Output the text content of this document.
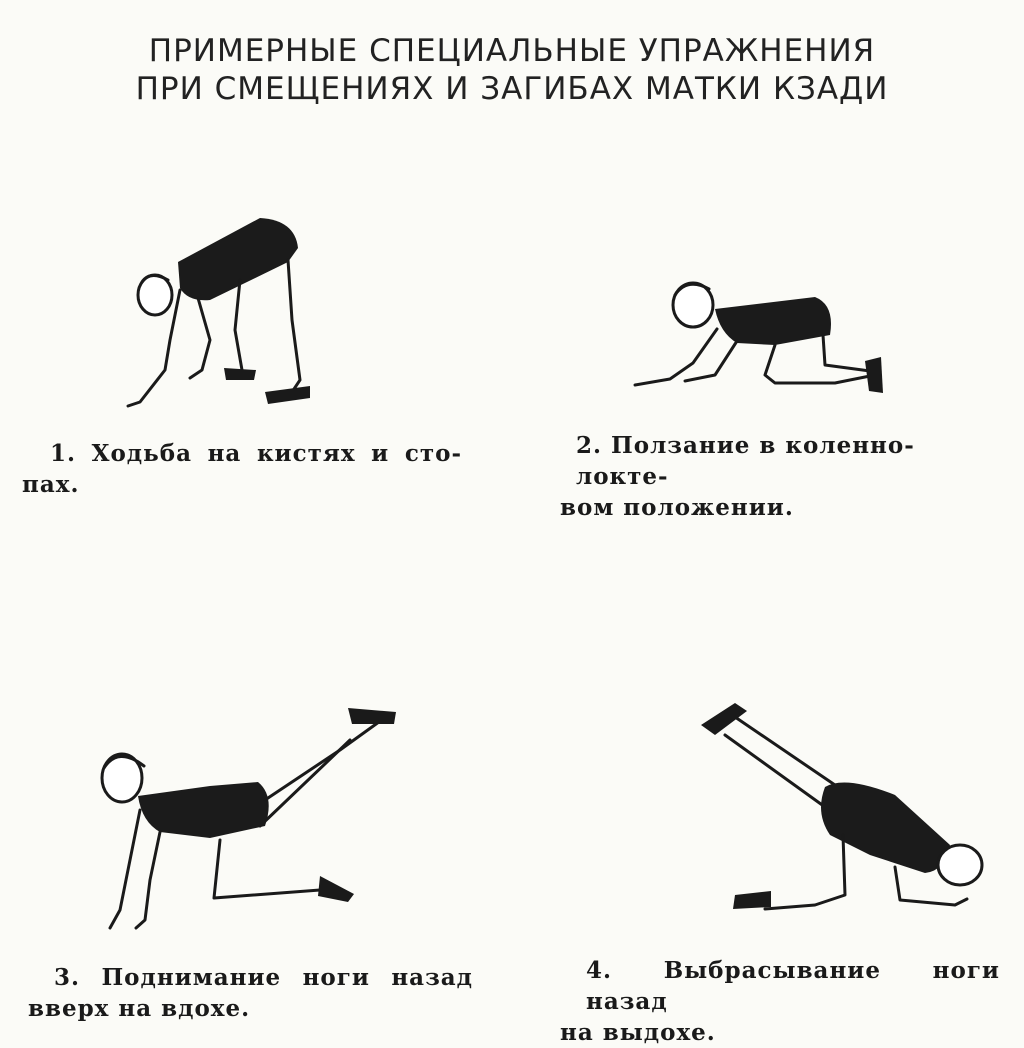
ПРИМЕРНЫЕ СПЕЦИАЛЬНЫЕ УПРАЖНЕНИЯ
ПРИ СМЕЩЕНИЯХ И ЗАГИБАХ МАТКИ КЗАДИ
1. Ходьба на кистях и сто-
пах.
2. Ползание в коленно-локте-
вом положении.
3. Поднимание ноги назад
вверх на вдохе.
4. Выбрасывание ноги назад
на выдохе.
